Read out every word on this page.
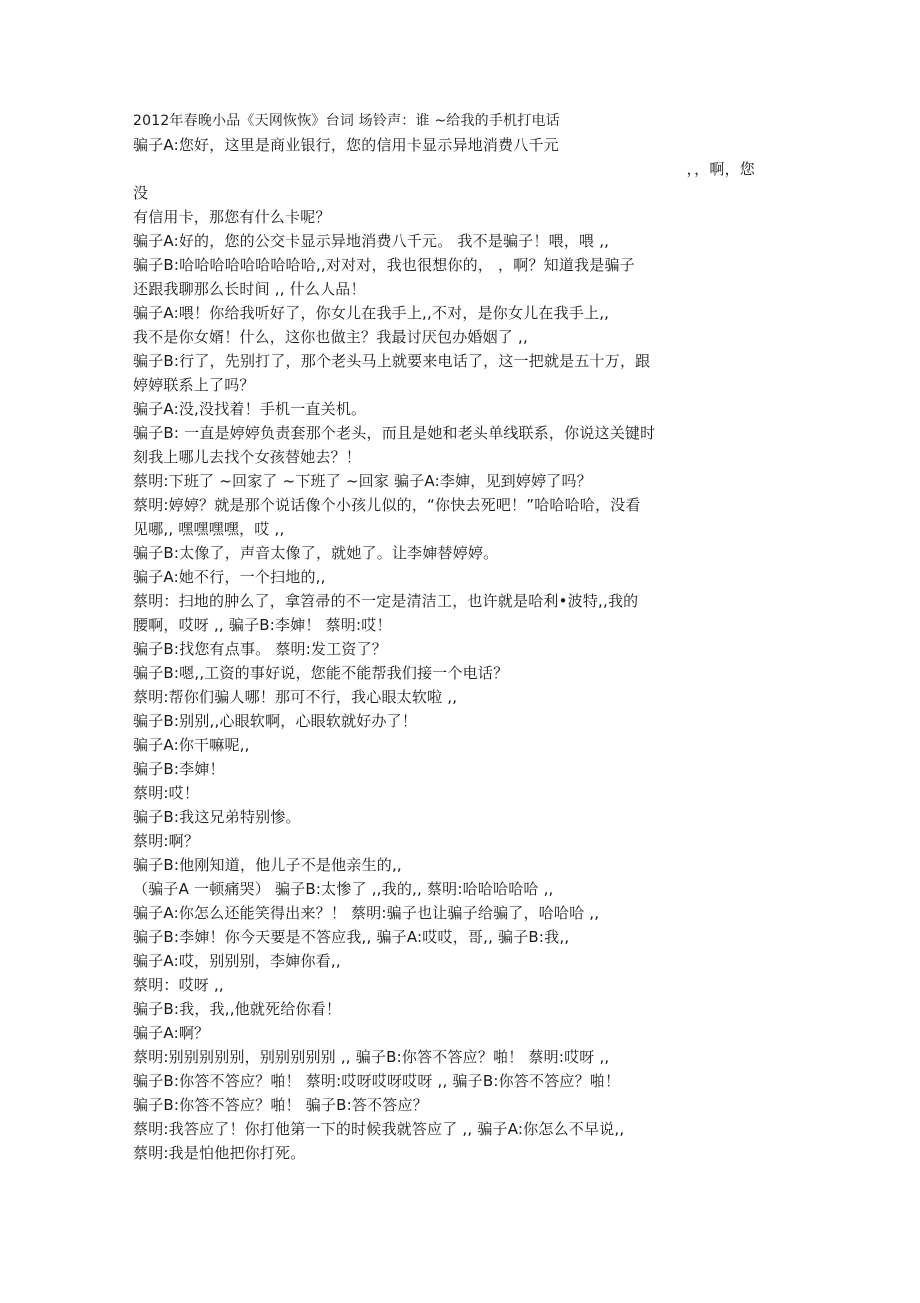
2012年春晚小品《天网恢恢》台词 场铃声：谁 ~给我的手机打电话
骗子A:您好，这里是商业银行，您的信用卡显示异地消费八千元
，，啊，您
没
有信用卡，那您有什么卡呢？
骗子A:好的，您的公交卡显示异地消费八千元。 我不是骗子！喂，喂 ,,
骗子B:哈哈哈哈哈哈哈哈哈,,对对对，我也很想你的， ，啊？知道我是骗子
还跟我聊那么长时间 ,, 什么人品！
骗子A:喂！你给我听好了，你女儿在我手上,,不对，是你女儿在我手上,,
我不是你女婿！什么，这你也做主？我最讨厌包办婚姻了 ,,
骗子B:行了，先别打了，那个老头马上就要来电话了，这一把就是五十万，跟
婷婷联系上了吗？
骗子A:没,没找着！手机一直关机。
骗子B: 一直是婷婷负责套那个老头，而且是她和老头单线联系，你说这关键时
刻我上哪儿去找个女孩替她去？！
蔡明:下班了 ~回家了 ~下班了 ~回家 骗子A:李婶，见到婷婷了吗？
蔡明:婷婷？就是那个说话像个小孩儿似的，“你快去死吧！”哈哈哈哈，没看
见哪,, 嘿嘿嘿嘿，哎 ,,
骗子B:太像了，声音太像了，就她了。让李婶替婷婷。
骗子A:她不行，一个扫地的,,
蔡明：扫地的肿么了，拿笤帚的不一定是清洁工，也许就是哈利•波特,,我的
腰啊，哎呀 ,, 骗子B:李婶！ 蔡明:哎！
骗子B:找您有点事。 蔡明:发工资了？
骗子B:嗯,,工资的事好说，您能不能帮我们接一个电话？
蔡明:帮你们骗人哪！那可不行，我心眼太软啦 ,,
骗子B:别别,,心眼软啊，心眼软就好办了！
骗子A:你干嘛呢,,
骗子B:李婶！
蔡明:哎！
骗子B:我这兄弟特别惨。
蔡明:啊？
骗子B:他刚知道，他儿子不是他亲生的,,
（骗子A 一顿痛哭） 骗子B:太惨了 ,,我的,, 蔡明:哈哈哈哈哈 ,,
骗子A:你怎么还能笑得出来？！ 蔡明:骗子也让骗子给骗了，哈哈哈 ,,
骗子B:李婶！你今天要是不答应我,, 骗子A:哎哎，哥,, 骗子B:我,,
骗子A:哎，别别别，李婶你看,,
蔡明：哎呀 ,,
骗子B:我，我,,他就死给你看！
骗子A:啊？
蔡明:别别别别别，别别别别别 ,, 骗子B:你答不答应？啪！ 蔡明:哎呀 ,,
骗子B:你答不答应？啪！ 蔡明:哎呀哎呀哎呀 ,, 骗子B:你答不答应？啪！
骗子B:你答不答应？啪！ 骗子B:答不答应？
蔡明:我答应了！你打他第一下的时候我就答应了 ,, 骗子A:你怎么不早说,,
蔡明:我是怕他把你打死。
